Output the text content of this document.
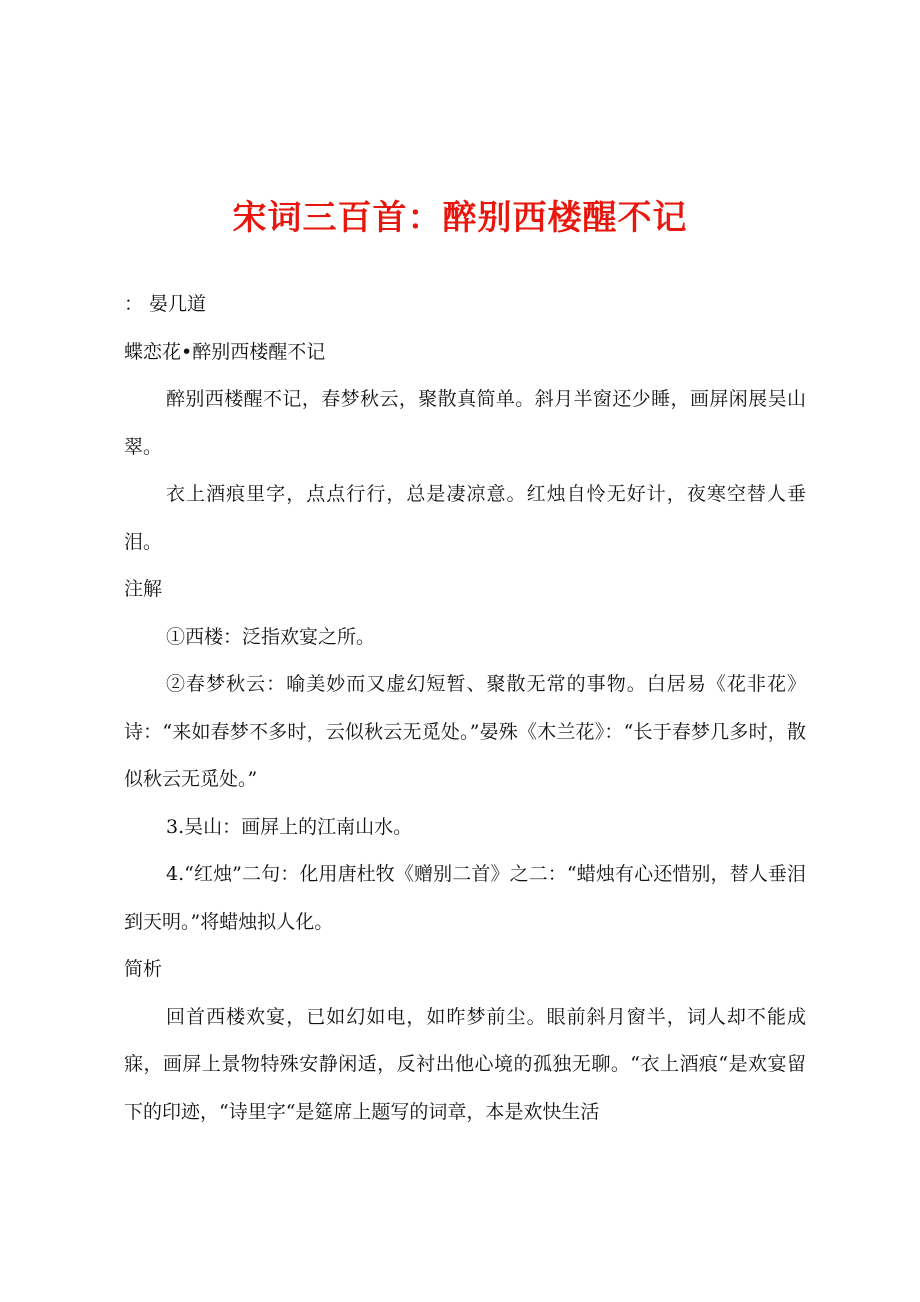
宋词三百首：醉别西楼醒不记
： 晏几道
蝶恋花•醉别西楼醒不记
醉别西楼醒不记，春梦秋云，聚散真简单。斜月半窗还少睡，画屏闲展吴山翠。
衣上酒痕里字，点点行行，总是凄凉意。红烛自怜无好计，夜寒空替人垂泪。
注解
①西楼：泛指欢宴之所。
②春梦秋云：喻美妙而又虚幻短暂、聚散无常的事物。白居易《花非花》诗：“来如春梦不多时，云似秋云无觅处。”晏殊《木兰花》：“长于春梦几多时，散似秋云无觅处。”
3.吴山：画屏上的江南山水。
4.“红烛”二句：化用唐杜牧《赠别二首》之二：“蜡烛有心还惜别，替人垂泪到天明。”将蜡烛拟人化。
简析
回首西楼欢宴，已如幻如电，如昨梦前尘。眼前斜月窗半，词人却不能成寐，画屏上景物特殊安静闲适，反衬出他心境的孤独无聊。“衣上酒痕“是欢宴留下的印迹，“诗里字“是筵席上题写的词章，本是欢快生活
